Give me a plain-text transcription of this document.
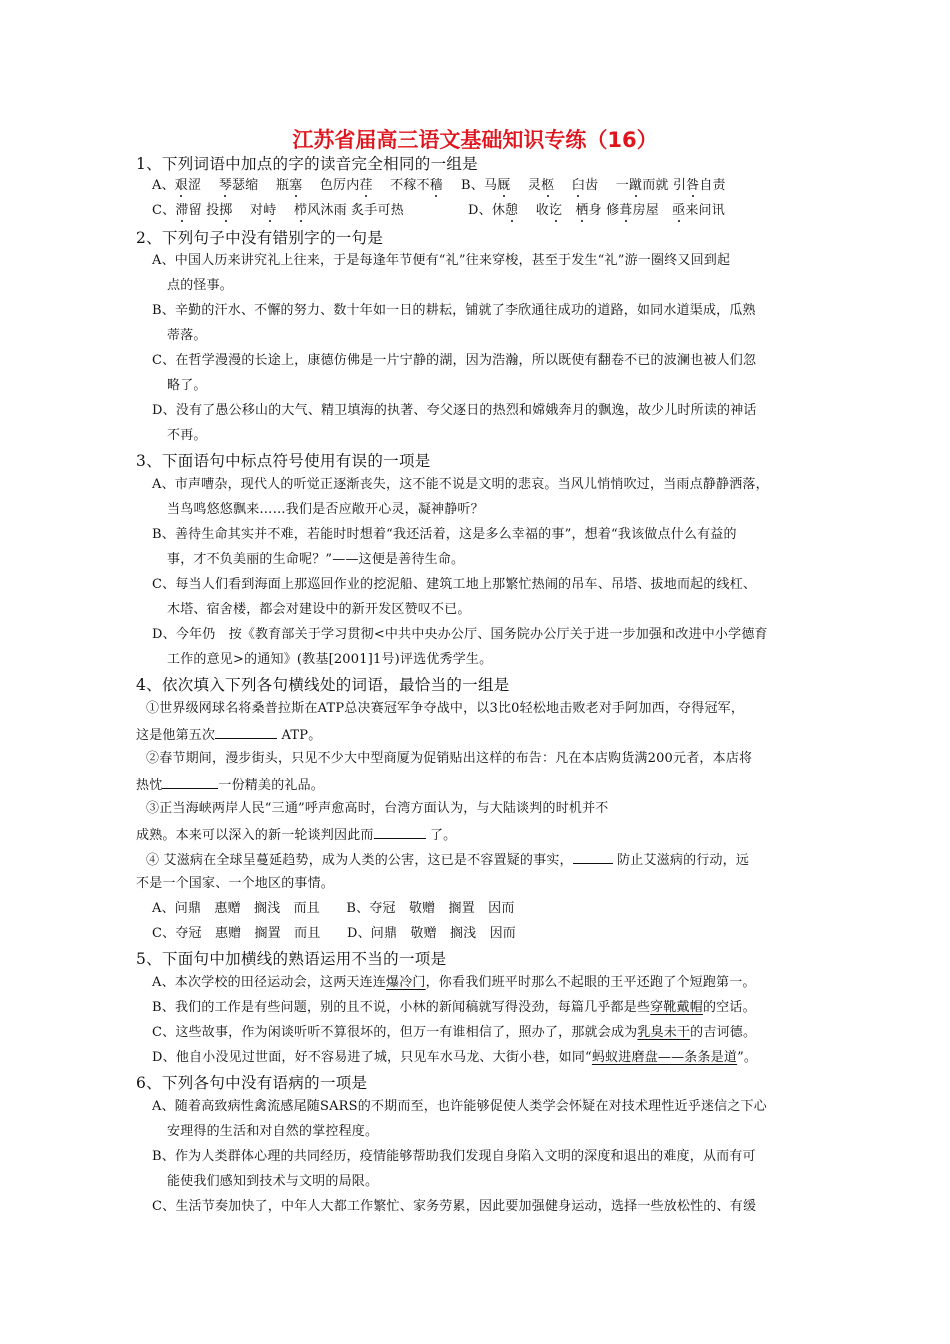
江苏省届高三语文基础知识专练（16）
1、下列词语中加点的字的读音完全相同的一组是
A、艰涩　 琴瑟缩　 瓶塞　 色厉内荏　 不稼不穑 B、马厩　 灵柩　 臼齿　 一蹴而就 引咎自责
C、滞留 投掷　 对峙　 栉风沐雨 炙手可热	D、休憩　 收讫　 栖身 修葺房屋　 亟来问讯
2、下列句子中没有错别字的一句是
A、中国人历来讲究礼上往来，于是每逢年节便有“礼”往来穿梭，甚至于发生“礼”游一圈终又回到起
点的怪事。
B、辛勤的汗水、不懈的努力、数十年如一日的耕耘，铺就了李欣通往成功的道路，如同水道渠成，瓜熟
蒂落。
C、在哲学漫漫的长途上，康德仿佛是一片宁静的湖，因为浩瀚，所以既使有翻卷不已的波澜也被人们忽
略了。
D、没有了愚公移山的大气、精卫填海的执著、夸父逐日的热烈和嫦娥奔月的飘逸，故少儿时所读的神话
不再。
3、下面语句中标点符号使用有误的一项是
A、市声嘈杂，现代人的听觉正逐渐丧失，这不能不说是文明的悲哀。当风儿悄悄吹过，当雨点静静洒落，
当鸟鸣悠悠飘来……我们是否应敞开心灵，凝神静听？
B、善待生命其实并不难，若能时时想着“我还活着，这是多么幸福的事”，想着“我该做点什么有益的
事，才不负美丽的生命呢？”——这便是善待生命。
C、每当人们看到海面上那巡回作业的挖泥船、建筑工地上那繁忙热闹的吊车、吊塔、拔地而起的线杠、
木塔、宿舍楼，都会对建设中的新开发区赞叹不已。
D、今年仍　按《教育部关于学习贯彻<中共中央办公厅、国务院办公厅关于进一步加强和改进中小学德育
工作的意见>的通知》(教基[2001]1号)评选优秀学生。
4、依次填入下列各句横线处的词语，最恰当的一组是
①世界级网球名将桑普拉斯在ATP总决赛冠军争夺战中，以3比0轻松地击败老对手阿加西，夺得冠军，
这是他第五次	ATP。
②春节期间，漫步街头，只见不少大中型商厦为促销贴出这样的布告：凡在本店购货满200元者，本店将
热忱	一份精美的礼品。
③正当海峡两岸人民“三通”呼声愈高时，台湾方面认为，与大陆谈判的时机并不
成熟。本来可以深入的新一轮谈判因此而	了。
④ 艾滋病在全球呈蔓延趋势，成为人类的公害，这已是不容置疑的事实，	防止艾滋病的行动，远
不是一个国家、一个地区的事情。
A、问鼎　惠赠　搁浅　而且　　B、夺冠　敬赠　搁置　因而
C、夺冠　惠赠　搁置　而且　　D、问鼎　敬赠　搁浅　因而
5、下面句中加横线的熟语运用不当的一项是
A、本次学校的田径运动会，这两天连连爆冷门，你看我们班平时那么不起眼的王平还跑了个短跑第一。
B、我们的工作是有些问题，别的且不说，小林的新闻稿就写得没劲，每篇几乎都是些穿靴戴帽的空话。
C、这些故事，作为闲谈听听不算很坏的，但万一有谁相信了，照办了，那就会成为乳臭未干的吉诃德。
D、他自小没见过世面，好不容易进了城，只见车水马龙、大街小巷，如同“蚂蚁进磨盘——条条是道”。
6、下列各句中没有语病的一项是
A、随着高致病性禽流感尾随SARS的不期而至，也许能够促使人类学会怀疑在对技术理性近乎迷信之下心
安理得的生活和对自然的掌控程度。
B、作为人类群体心理的共同经历，疫情能够帮助我们发现自身陷入文明的深度和退出的难度，从而有可
能使我们感知到技术与文明的局限。
C、生活节奏加快了，中年人大都工作繁忙、家务劳累，因此要加强健身运动，选择一些放松性的、有缓
